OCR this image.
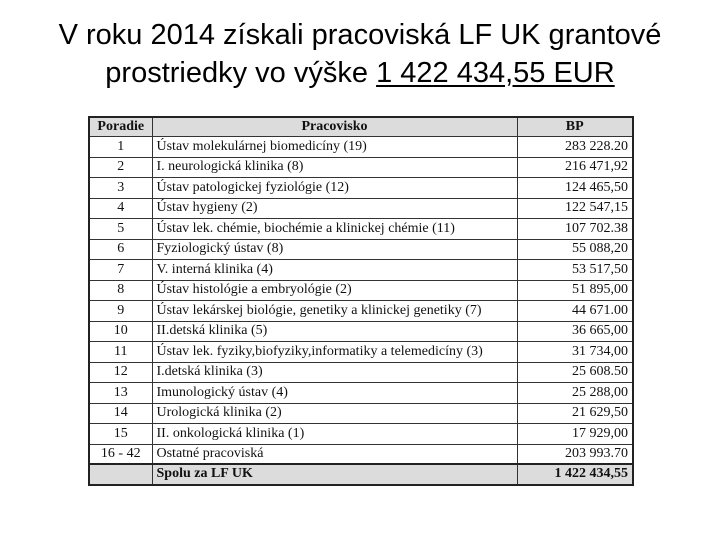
V roku 2014 získali pracoviská LF UK grantové
prostriedky vo výške 1 422 434,55 EUR
Poradie	Pracovisko	BP
1	Ústav molekulárnej biomedicíny (19)	283 228.20
2	I. neurologická klinika (8)	216 471,92
3	Ústav patologickej fyziológie (12)	124 465,50
4	Ústav hygieny (2)	122 547,15
5	Ústav lek. chémie, biochémie a klinickej chémie (11)	107 702.38
6	Fyziologický ústav (8)	55 088,20
7	V. interná klinika (4)	53 517,50
8	Ústav histológie a embryológie (2)	51 895,00
9	Ústav lekárskej biológie, genetiky a klinickej genetiky (7)	44 671.00
10	II.detská klinika (5)	36 665,00
11	Ústav lek. fyziky,biofyziky,informatiky a telemedicíny (3)	31 734,00
12	I.detská klinika (3)	25 608.50
13	Imunologický ústav (4)	25 288,00
14	Urologická klinika (2)	21 629,50
15	II. onkologická klinika (1)	17 929,00
16 - 42	Ostatné pracoviská	203 993.70
	Spolu za LF UK	1 422 434,55
